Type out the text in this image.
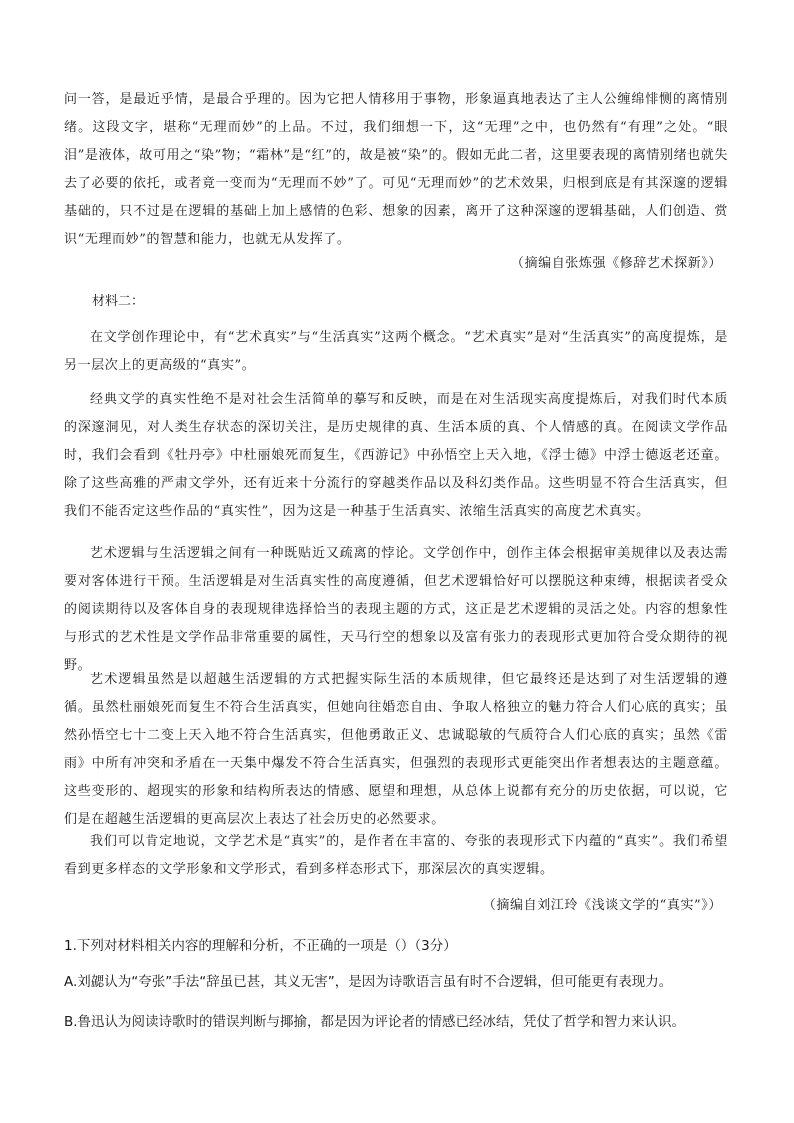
问一答，是最近乎情，是最合乎理的。因为它把人情移用于事物，形象逼真地表达了主人公缠绵悱恻的离情别绪。这段文字，堪称“无理而妙”的上品。不过，我们细想一下，这“无理”之中，也仍然有“有理”之处。“眼泪”是液体，故可用之“染”物；“霜林”是“红”的，故是被“染”的。假如无此二者，这里要表现的离情别绪也就失去了必要的依托，或者竟一变而为“无理而不妙”了。可见“无理而妙”的艺术效果，归根到底是有其深邃的逻辑基础的，只不过是在逻辑的基础上加上感情的色彩、想象的因素，离开了这种深邃的逻辑基础，人们创造、赏识“无理而妙”的智慧和能力，也就无从发挥了。

（摘编自张炼强《修辞艺术探新》）

材料二：

在文学创作理论中，有“艺术真实”与“生活真实”这两个概念。“艺术真实”是对“生活真实”的高度提炼，是另一层次上的更高级的“真实”。

经典文学的真实性绝不是对社会生活简单的摹写和反映，而是在对生活现实高度提炼后，对我们时代本质的深邃洞见，对人类生存状态的深切关注，是历史规律的真、生活本质的真、个人情感的真。在阅读文学作品时，我们会看到《牡丹亭》中杜丽娘死而复生，《西游记》中孙悟空上天入地，《浮士德》中浮士德返老还童。除了这些高雅的严肃文学外，还有近来十分流行的穿越类作品以及科幻类作品。这些明显不符合生活真实，但我们不能否定这些作品的“真实性”，因为这是一种基于生活真实、浓缩生活真实的高度艺术真实。

艺术逻辑与生活逻辑之间有一种既贴近又疏离的悖论。文学创作中，创作主体会根据审美规律以及表达需要对客体进行干预。生活逻辑是对生活真实性的高度遵循，但艺术逻辑恰好可以摆脱这种束缚，根据读者受众的阅读期待以及客体自身的表现规律选择恰当的表现主题的方式，这正是艺术逻辑的灵活之处。内容的想象性与形式的艺术性是文学作品非常重要的属性，天马行空的想象以及富有张力的表现形式更加符合受众期待的视野。

艺术逻辑虽然是以超越生活逻辑的方式把握实际生活的本质规律，但它最终还是达到了对生活逻辑的遵循。虽然杜丽娘死而复生不符合生活真实，但她向往婚恋自由、争取人格独立的魅力符合人们心底的真实；虽然孙悟空七十二变上天入地不符合生活真实，但他勇敢正义、忠诚聪敏的气质符合人们心底的真实；虽然《雷雨》中所有冲突和矛盾在一天集中爆发不符合生活真实，但强烈的表现形式更能突出作者想表达的主题意蕴。这些变形的、超现实的形象和结构所表达的情感、愿望和理想，从总体上说都有充分的历史依据，可以说，它们是在超越生活逻辑的更高层次上表达了社会历史的必然要求。

我们可以肯定地说，文学艺术是“真实”的，是作者在丰富的、夸张的表现形式下内蕴的“真实”。我们希望看到更多样态的文学形象和文学形式，看到多样态形式下，那深层次的真实逻辑。

（摘编自刘江玲《浅谈文学的“真实”》）

1.下列对材料相关内容的理解和分析，不正确的一项是（）（3分）

A.刘勰认为“夸张”手法“辞虽已甚，其义无害”，是因为诗歌语言虽有时不合逻辑，但可能更有表现力。

B.鲁迅认为阅读诗歌时的错误判断与揶揄，都是因为评论者的情感已经冰结，凭仗了哲学和智力来认识。
